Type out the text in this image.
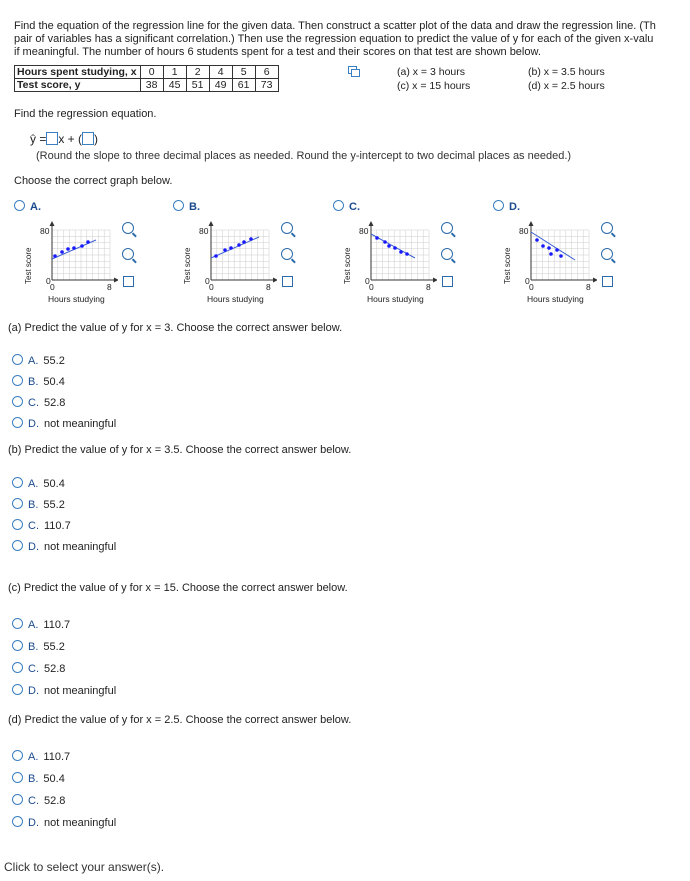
Find the equation of the regression line for the given data. Then construct a scatter plot of the data and draw the regression line. (Th
pair of variables has a significant correlation.) Then use the regression equation to predict the value of y for each of the given x-valu
if meaningful. The number of hours 6 students spent for a test and their scores on that test are shown below.
Hours spent studying, x	0	1	2	4	5	6
Test score, y	38	45	51	49	61	73
(a) x = 3 hours
(c) x = 15 hours
(b) x = 3.5 hours
(d) x = 2.5 hours
Find the regression equation.
ŷ = x + ( )
(Round the slope to three decimal places as needed. Round the y-intercept to two decimal places as needed.)
Choose the correct graph below.
A.
80
0
0	8
Hours studying
Test score
B.
80
0
0	8
Hours studying
Test score
C.
80
0
0	8
Hours studying
Test score
D.
80
0
0	8
Hours studying
Test score
(a) Predict the value of y for x = 3. Choose the correct answer below.
A. 55.2
B. 50.4
C. 52.8
D. not meaningful
(b) Predict the value of y for x = 3.5. Choose the correct answer below.
A. 50.4
B. 55.2
C. 110.7
D. not meaningful
(c) Predict the value of y for x = 15. Choose the correct answer below.
A. 110.7
B. 55.2
C. 52.8
D. not meaningful
(d) Predict the value of y for x = 2.5. Choose the correct answer below.
A. 110.7
B. 50.4
C. 52.8
D. not meaningful
Click to select your answer(s).
